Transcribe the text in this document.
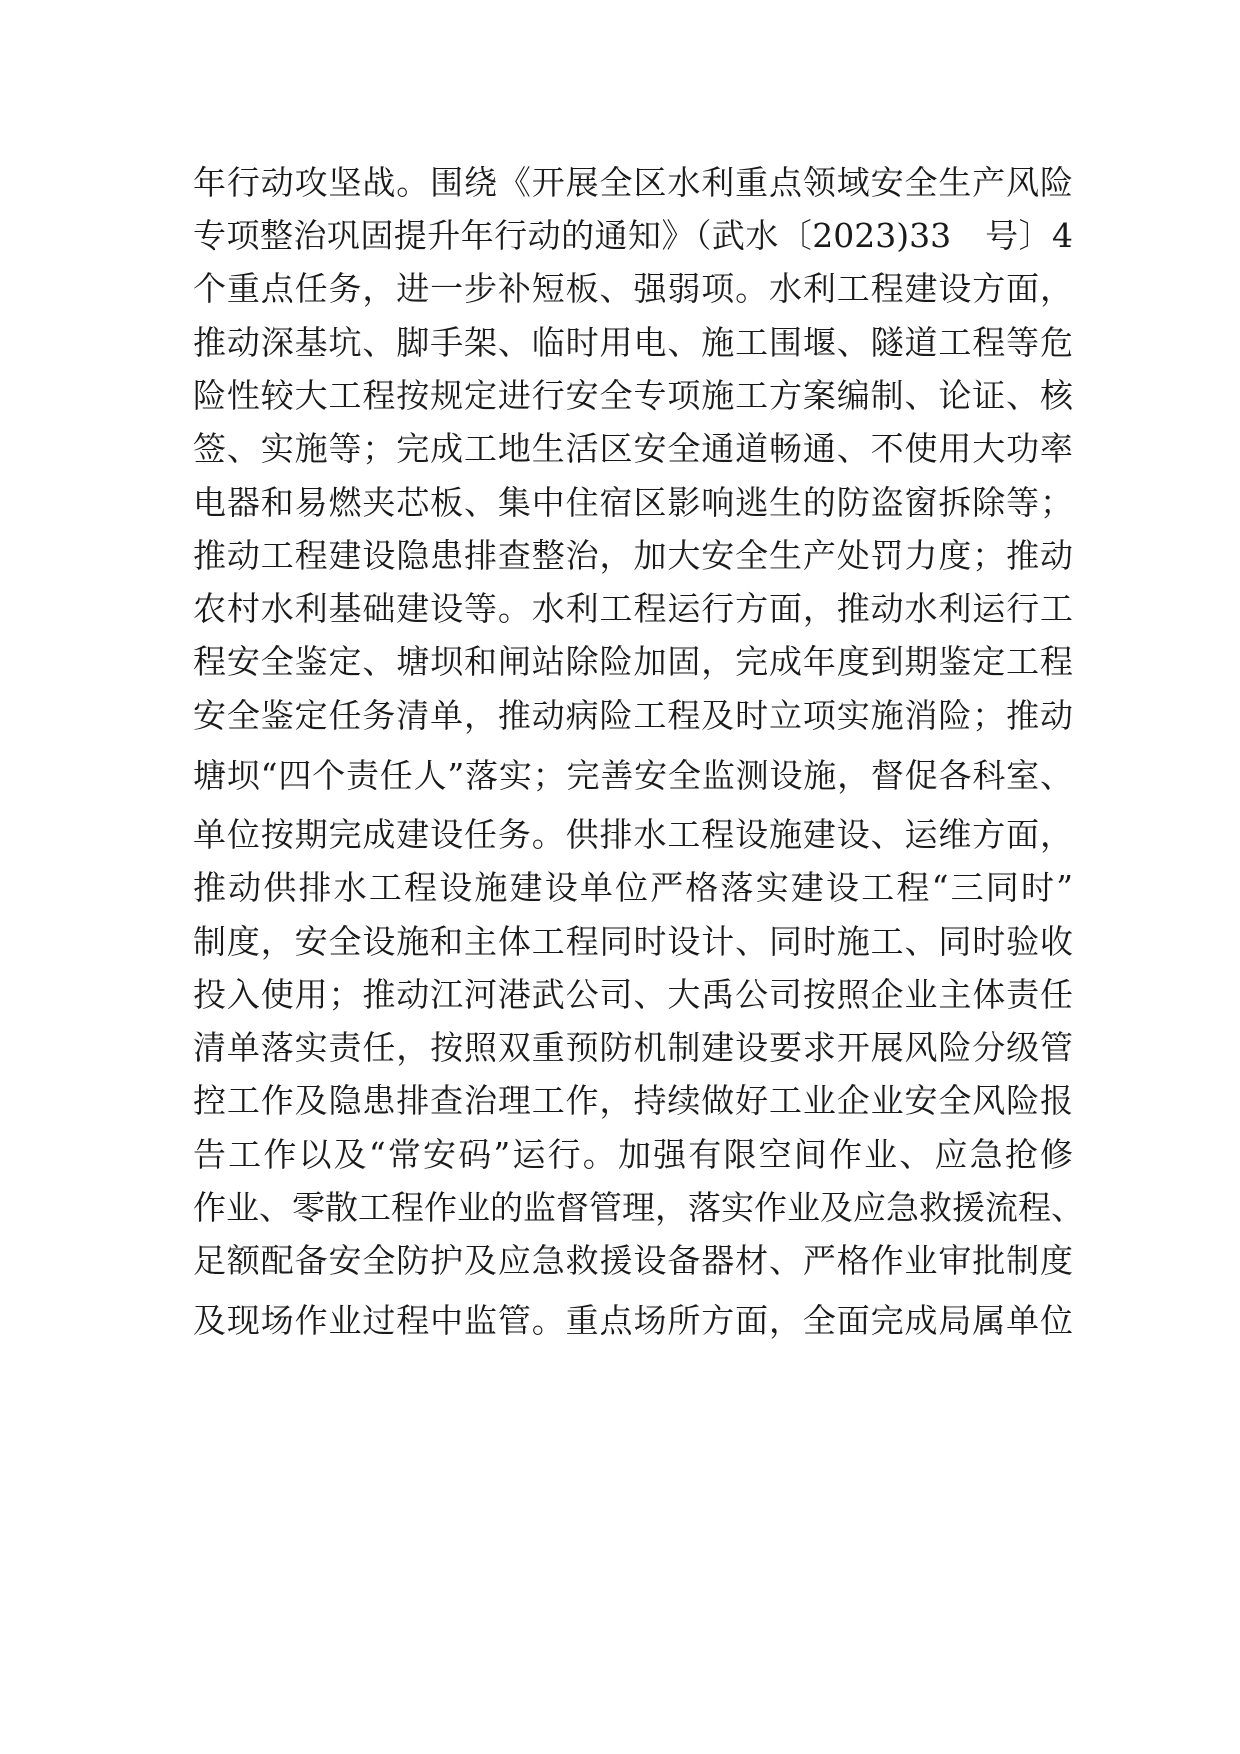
年行动攻坚战。围绕《开展全区水利重点领域安全生产风险
专项整治巩固提升年行动的通知》（武水〔2023)33　号〕4
个重点任务，进一步补短板、强弱项。水利工程建设方面，
推动深基坑、脚手架、临时用电、施工围堰、隧道工程等危
险性较大工程按规定进行安全专项施工方案编制、论证、核
签、实施等；完成工地生活区安全通道畅通、不使用大功率
电器和易燃夹芯板、集中住宿区影响逃生的防盗窗拆除等；
推动工程建设隐患排查整治，加大安全生产处罚力度；推动
农村水利基础建设等。水利工程运行方面，推动水利运行工
程安全鉴定、塘坝和闸站除险加固，完成年度到期鉴定工程
安全鉴定任务清单，推动病险工程及时立项实施消险；推动
塘坝“四个责任人”落实；完善安全监测设施，督促各科室、
单位按期完成建设任务。供排水工程设施建设、运维方面，
推动供排水工程设施建设单位严格落实建设工程“三同时”
制度，安全设施和主体工程同时设计、同时施工、同时验收
投入使用；推动江河港武公司、大禹公司按照企业主体责任
清单落实责任，按照双重预防机制建设要求开展风险分级管
控工作及隐患排查治理工作，持续做好工业企业安全风险报
告工作以及“常安码”运行。加强有限空间作业、应急抢修
作业、零散工程作业的监督管理，落实作业及应急救援流程、
足额配备安全防护及应急救援设备器材、严格作业审批制度
及现场作业过程中监管。重点场所方面，全面完成局属单位
